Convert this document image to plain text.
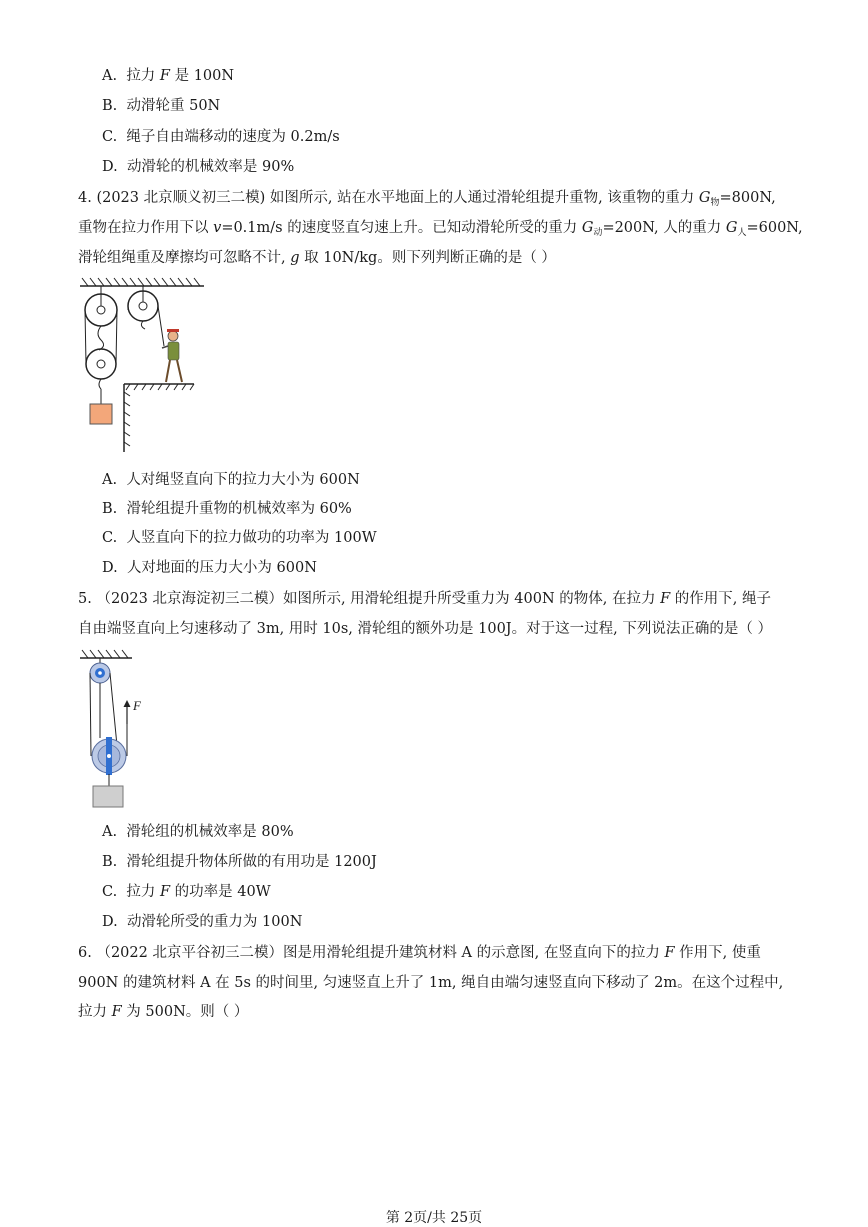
A. 拉力 F 是 100N
B. 动滑轮重 50N
C. 绳子自由端移动的速度为 0.2m/s
D. 动滑轮的机械效率是 90%
4. (2023 北京顺义初三二模) 如图所示, 站在水平地面上的人通过滑轮组提升重物, 该重物的重力 $G_物=800N$,
重物在拉力作用下以 v=0.1m/s 的速度竖直匀速上升。已知动滑轮所受的重力 $G_动=200N$, 人的重力 $G_人=600N$,
滑轮组绳重及摩擦均可忽略不计, g 取 10N/kg。则下列判断正确的是（ ）
A. 人对绳竖直向下的拉力大小为 600N
B. 滑轮组提升重物的机械效率为 60%
C. 人竖直向下的拉力做功的功率为 100W
D. 人对地面的压力大小为 600N
5. （2023 北京海淀初三二模）如图所示, 用滑轮组提升所受重力为 400N 的物体, 在拉力 F 的作用下, 绳子
自由端竖直向上匀速移动了 3m, 用时 10s, 滑轮组的额外功是 100J。对于这一过程, 下列说法正确的是（ ）
F
A. 滑轮组的机械效率是 80%
B. 滑轮组提升物体所做的有用功是 1200J
C. 拉力 F 的功率是 40W
D. 动滑轮所受的重力为 100N
6. （2022 北京平谷初三二模）图是用滑轮组提升建筑材料 A 的示意图, 在竖直向下的拉力 F 作用下, 使重
900N 的建筑材料 A 在 5s 的时间里, 匀速竖直上升了 1m, 绳自由端匀速竖直向下移动了 2m。在这个过程中,
拉力 F 为 500N。则（ ）
第 2页/共 25页
